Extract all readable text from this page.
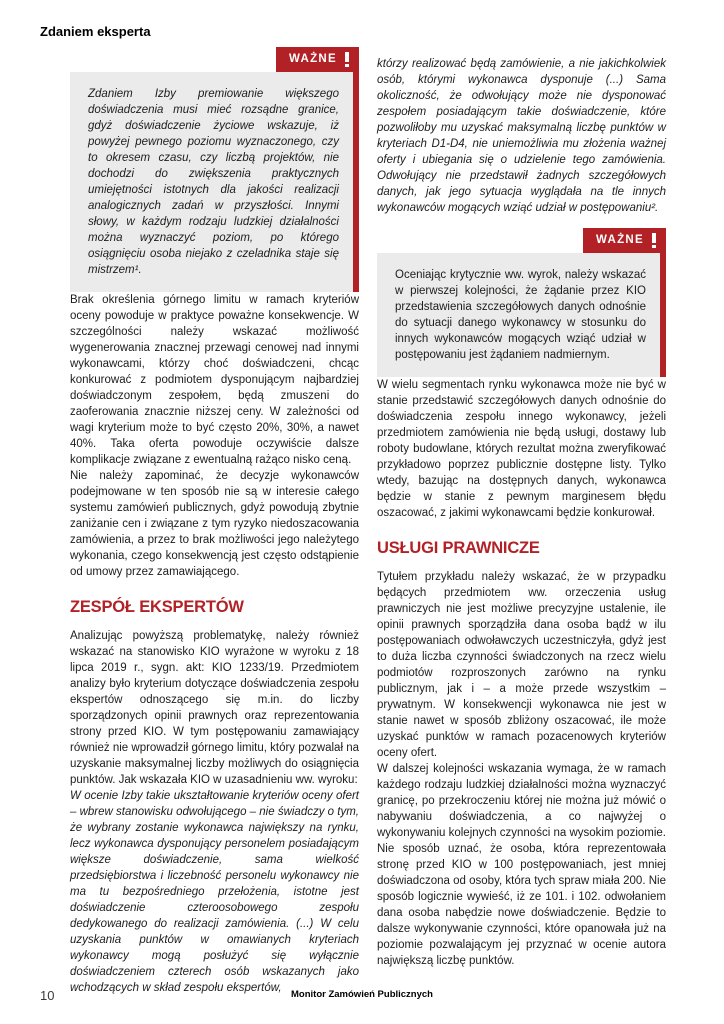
Zdaniem eksperta
WAŻNE
Zdaniem Izby premiowanie większego doświadczenia musi mieć rozsądne granice, gdyż doświadczenie życiowe wskazuje, iż powyżej pewnego poziomu wyznaczonego, czy to okresem czasu, czy liczbą projektów, nie dochodzi do zwiększenia praktycznych umiejętności istotnych dla jakości realizacji analogicznych zadań w przyszłości. Innymi słowy, w każdym rodzaju ludzkiej działalności można wyznaczyć poziom, po którego osiągnięciu osoba niejako z czeladnika staje się mistrzem¹.

Brak określenia górnego limitu w ramach kryteriów oceny powoduje w praktyce poważne konsekwencje. W szczególności należy wskazać możliwość wygenerowania znacznej przewagi cenowej nad innymi wykonawcami, którzy choć doświadczeni, chcąc konkurować z podmiotem dysponującym najbardziej doświadczonym zespołem, będą zmuszeni do zaoferowania znacznie niższej ceny. W zależności od wagi kryterium może to być często 20%, 30%, a nawet 40%. Taka oferta powoduje oczywiście dalsze komplikacje związane z ewentualną rażąco nisko ceną.

Nie należy zapominać, że decyzje wykonawców podejmowane w ten sposób nie są w interesie całego systemu zamówień publicznych, gdyż powodują zbytnie zaniżanie cen i związane z tym ryzyko niedoszacowania zamówienia, a przez to brak możliwości jego należytego wykonania, czego konsekwencją jest często odstąpienie od umowy przez zamawiającego.

ZESPÓŁ EKSPERTÓW

Analizując powyższą problematykę, należy również wskazać na stanowisko KIO wyrażone w wyroku z 18 lipca 2019 r., sygn. akt: KIO 1233/19. Przedmiotem analizy było kryterium dotyczące doświadczenia zespołu ekspertów odnoszącego się m.in. do liczby sporządzonych opinii prawnych oraz reprezentowania strony przed KIO. W tym postępowaniu zamawiający również nie wprowadził górnego limitu, który pozwalał na uzyskanie maksymalnej liczby możliwych do osiągnięcia punktów. Jak wskazała KIO w uzasadnieniu ww. wyroku:

W ocenie Izby takie ukształtowanie kryteriów oceny ofert – wbrew stanowisku odwołującego – nie świadczy o tym, że wybrany zostanie wykonawca największy na rynku, lecz wykonawca dysponujący personelem posiadającym większe doświadczenie, sama wielkość przedsiębiorstwa i liczebność personelu wykonawcy nie ma tu bezpośredniego przełożenia, istotne jest doświadczenie czteroosobowego zespołu dedykowanego do realizacji zamówienia. (...) W celu uzyskania punktów w omawianych kryteriach wykonawcy mogą posłużyć się wyłącznie doświadczeniem czterech osób wskazanych jako wchodzących w skład zespołu ekspertów,

którzy realizować będą zamówienie, a nie jakichkolwiek osób, którymi wykonawca dysponuje (...) Sama okoliczność, że odwołujący może nie dysponować zespołem posiadającym takie doświadczenie, które pozwoliłoby mu uzyskać maksymalną liczbę punktów w kryteriach D1-D4, nie uniemożliwia mu złożenia ważnej oferty i ubiegania się o udzielenie tego zamówienia. Odwołujący nie przedstawił żadnych szczegółowych danych, jak jego sytuacja wyglądała na tle innych wykonawców mogących wziąć udział w postępowaniu².

WAŻNE
Oceniając krytycznie ww. wyrok, należy wskazać w pierwszej kolejności, że żądanie przez KIO przedstawienia szczegółowych danych odnośnie do sytuacji danego wykonawcy w stosunku do innych wykonawców mogących wziąć udział w postępowaniu jest żądaniem nadmiernym.

W wielu segmentach rynku wykonawca może nie być w stanie przedstawić szczegółowych danych odnośnie do doświadczenia zespołu innego wykonawcy, jeżeli przedmiotem zamówienia nie będą usługi, dostawy lub roboty budowlane, których rezultat można zweryfikować przykładowo poprzez publicznie dostępne listy. Tylko wtedy, bazując na dostępnych danych, wykonawca będzie w stanie z pewnym marginesem błędu oszacować, z jakimi wykonawcami będzie konkurował.

USŁUGI PRAWNICZE

Tytułem przykładu należy wskazać, że w przypadku będących przedmiotem ww. orzeczenia usług prawniczych nie jest możliwe precyzyjne ustalenie, ile opinii prawnych sporządziła dana osoba bądź w ilu postępowaniach odwoławczych uczestniczyła, gdyż jest to duża liczba czynności świadczonych na rzecz wielu podmiotów rozproszonych zarówno na rynku publicznym, jak i – a może przede wszystkim – prywatnym. W konsekwencji wykonawca nie jest w stanie nawet w sposób zbliżony oszacować, ile może uzyskać punktów w ramach pozacenowych kryteriów oceny ofert.

W dalszej kolejności wskazania wymaga, że w ramach każdego rodzaju ludzkiej działalności można wyznaczyć granicę, po przekroczeniu której nie można już mówić o nabywaniu doświadczenia, a co najwyżej o wykonywaniu kolejnych czynności na wysokim poziomie. Nie sposób uznać, że osoba, która reprezentowała stronę przed KIO w 100 postępowaniach, jest mniej doświadczona od osoby, która tych spraw miała 200. Nie sposób logicznie wywieść, iż ze 101. i 102. odwołaniem dana osoba nabędzie nowe doświadczenie. Będzie to dalsze wykonywanie czynności, które opanowała już na poziomie pozwalającym jej przyznać w ocenie autora największą liczbę punktów.

Monitor Zamówień Publicznych
10
